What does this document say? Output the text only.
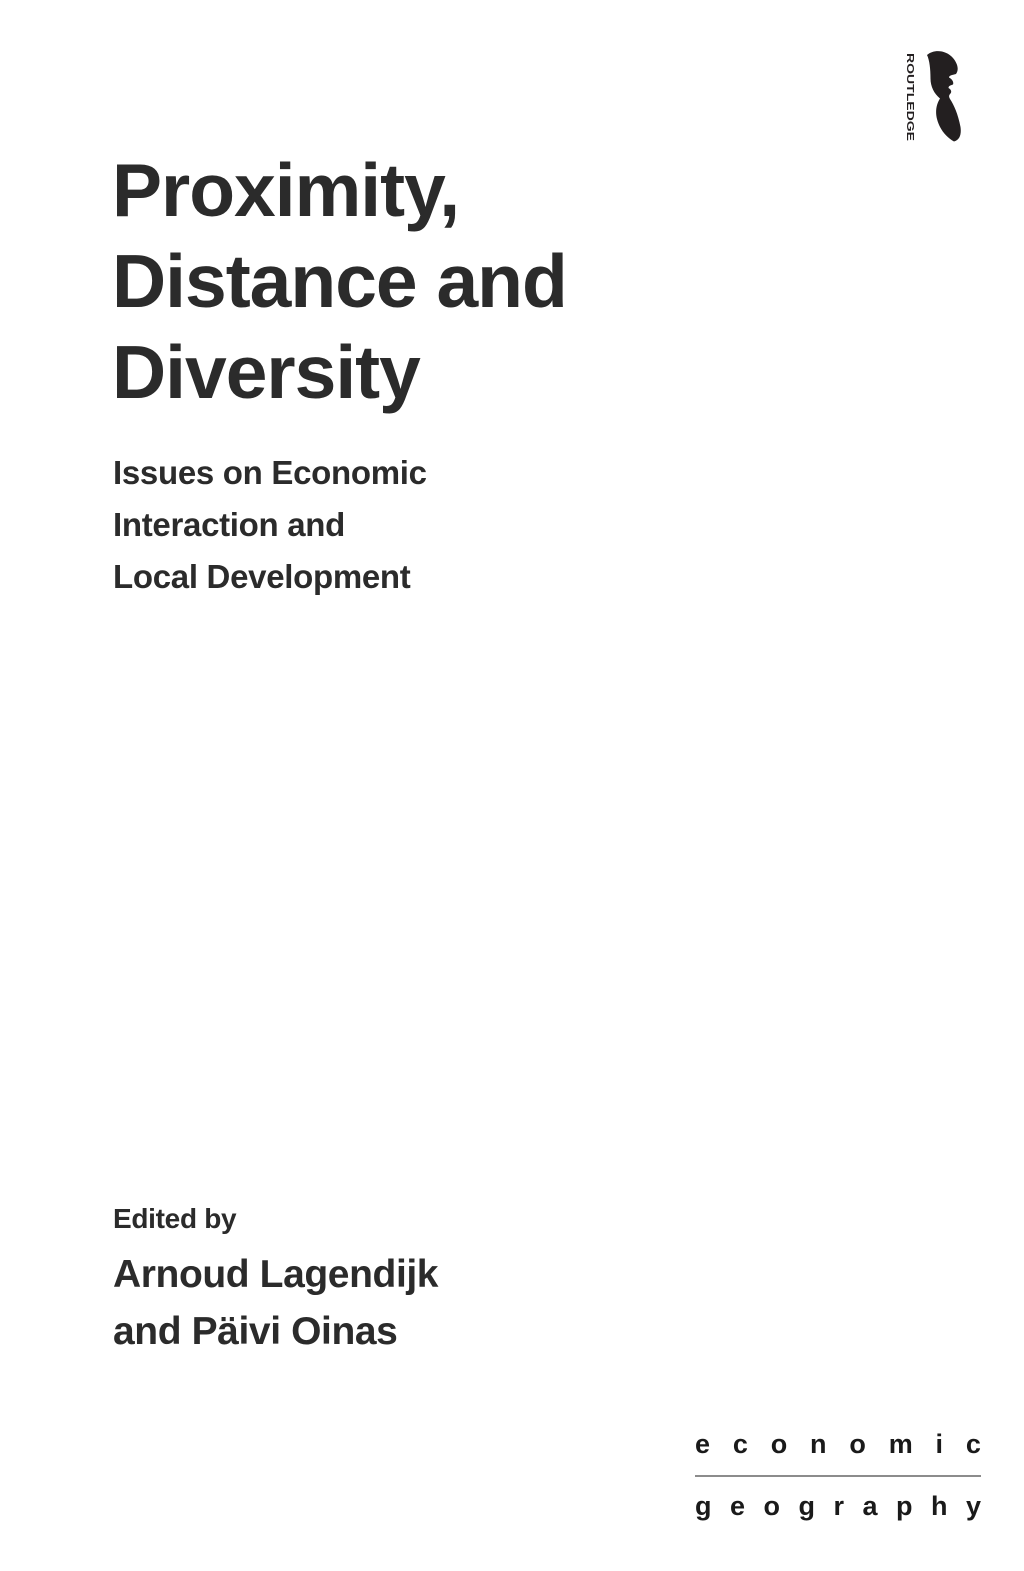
ROUTLEDGE
Proximity,
Distance and
Diversity
Issues on Economic
Interaction and
Local Development
Edited by
Arnoud Lagendijk
and Päivi Oinas
e c o n o m i c
g e o g r a p h y
